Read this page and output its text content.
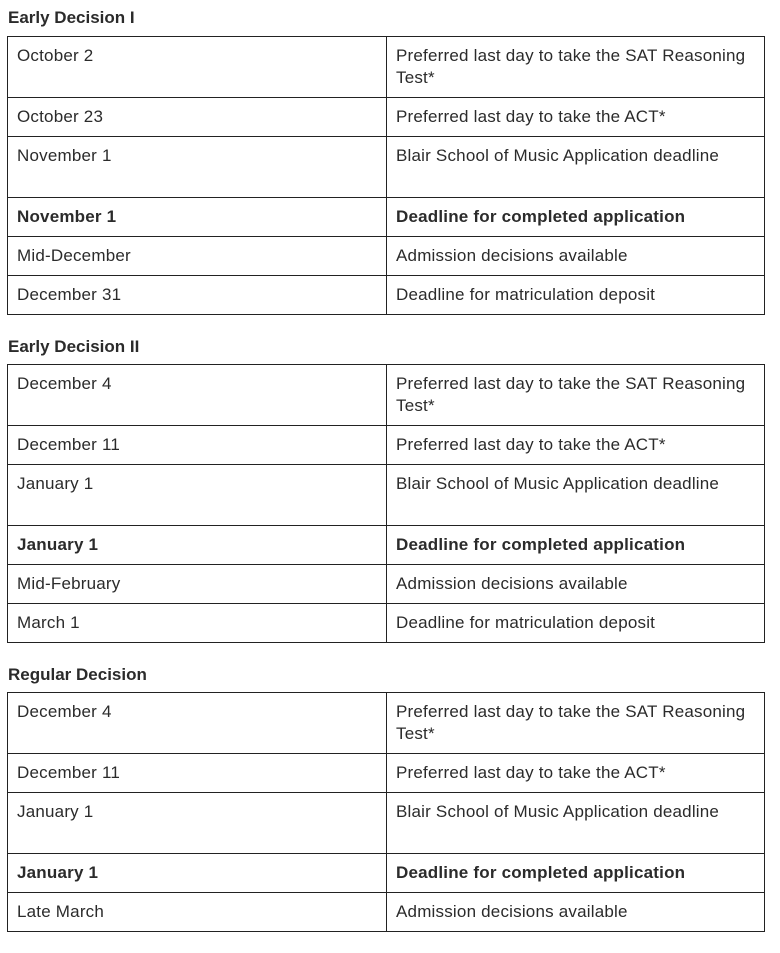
Early Decision I
October 2	Preferred last day to take the SAT Reasoning Test*
October 23	Preferred last day to take the ACT*
November 1	Blair School of Music Application deadline
November 1	Deadline for completed application
Mid-December	Admission decisions available
December 31	Deadline for matriculation deposit
Early Decision II
December 4	Preferred last day to take the SAT Reasoning Test*
December 11	Preferred last day to take the ACT*
January 1	Blair School of Music Application deadline
January 1	Deadline for completed application
Mid-February	Admission decisions available
March 1	Deadline for matriculation deposit
Regular Decision
December 4	Preferred last day to take the SAT Reasoning Test*
December 11	Preferred last day to take the ACT*
January 1	Blair School of Music Application deadline
January 1	Deadline for completed application
Late March	Admission decisions available
